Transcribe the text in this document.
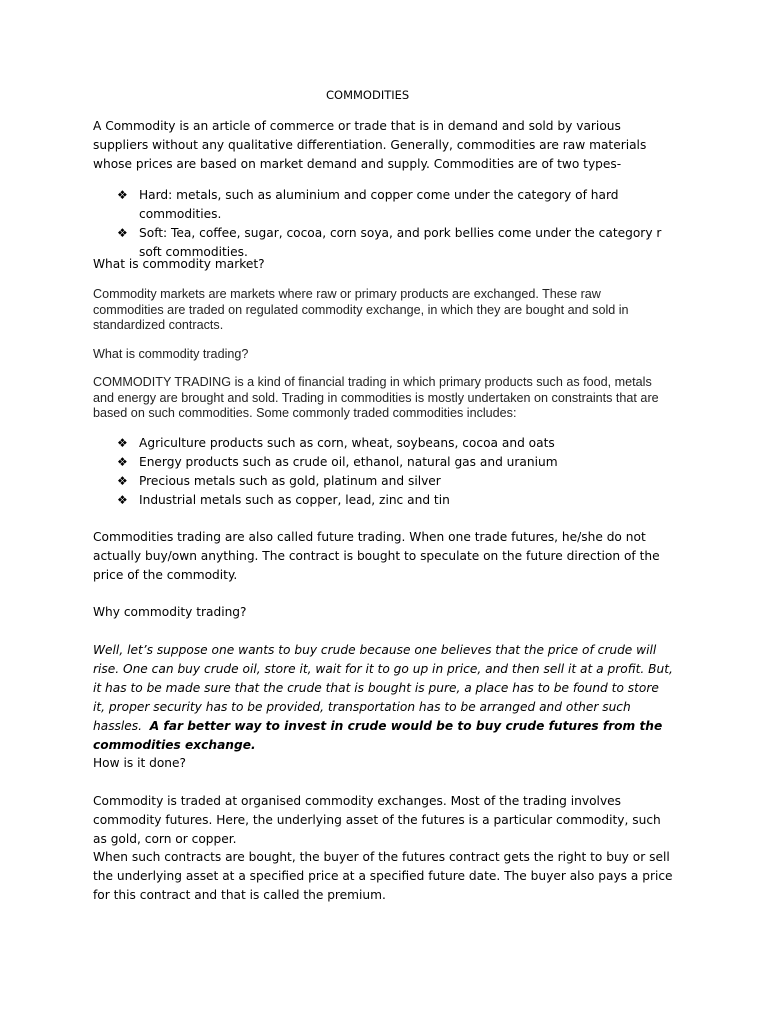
COMMODITIES

A Commodity is an article of commerce or trade that is in demand and sold by various suppliers without any qualitative differentiation. Generally, commodities are raw materials whose prices are based on market demand and supply. Commodities are of two types-

❖ Hard: metals, such as aluminium and copper come under the category of hard commodities.
❖ Soft: Tea, coffee, sugar, cocoa, corn soya, and pork bellies come under the category r soft commodities.

What is commodity market?

Commodity markets are markets where raw or primary products are exchanged. These raw commodities are traded on regulated commodity exchange, in which they are bought and sold in standardized contracts.

What is commodity trading?

COMMODITY TRADING is a kind of financial trading in which primary products such as food, metals and energy are brought and sold. Trading in commodities is mostly undertaken on constraints that are based on such commodities. Some commonly traded commodities includes:

❖ Agriculture products such as corn, wheat, soybeans, cocoa and oats
❖ Energy products such as crude oil, ethanol, natural gas and uranium
❖ Precious metals such as gold, platinum and silver
❖ Industrial metals such as copper, lead, zinc and tin

Commodities trading are also called future trading. When one trade futures, he/she do not actually buy/own anything. The contract is bought to speculate on the future direction of the price of the commodity.

Why commodity trading?

Well, let’s suppose one wants to buy crude because one believes that the price of crude will rise. One can buy crude oil, store it, wait for it to go up in price, and then sell it at a profit. But, it has to be made sure that the crude that is bought is pure, a place has to be found to store it, proper security has to be provided, transportation has to be arranged and other such hassles. A far better way to invest in crude would be to buy crude futures from the commodities exchange.

How is it done?

Commodity is traded at organised commodity exchanges. Most of the trading involves commodity futures. Here, the underlying asset of the futures is a particular commodity, such as gold, corn or copper.

When such contracts are bought, the buyer of the futures contract gets the right to buy or sell the underlying asset at a specified price at a specified future date. The buyer also pays a price for this contract and that is called the premium.
